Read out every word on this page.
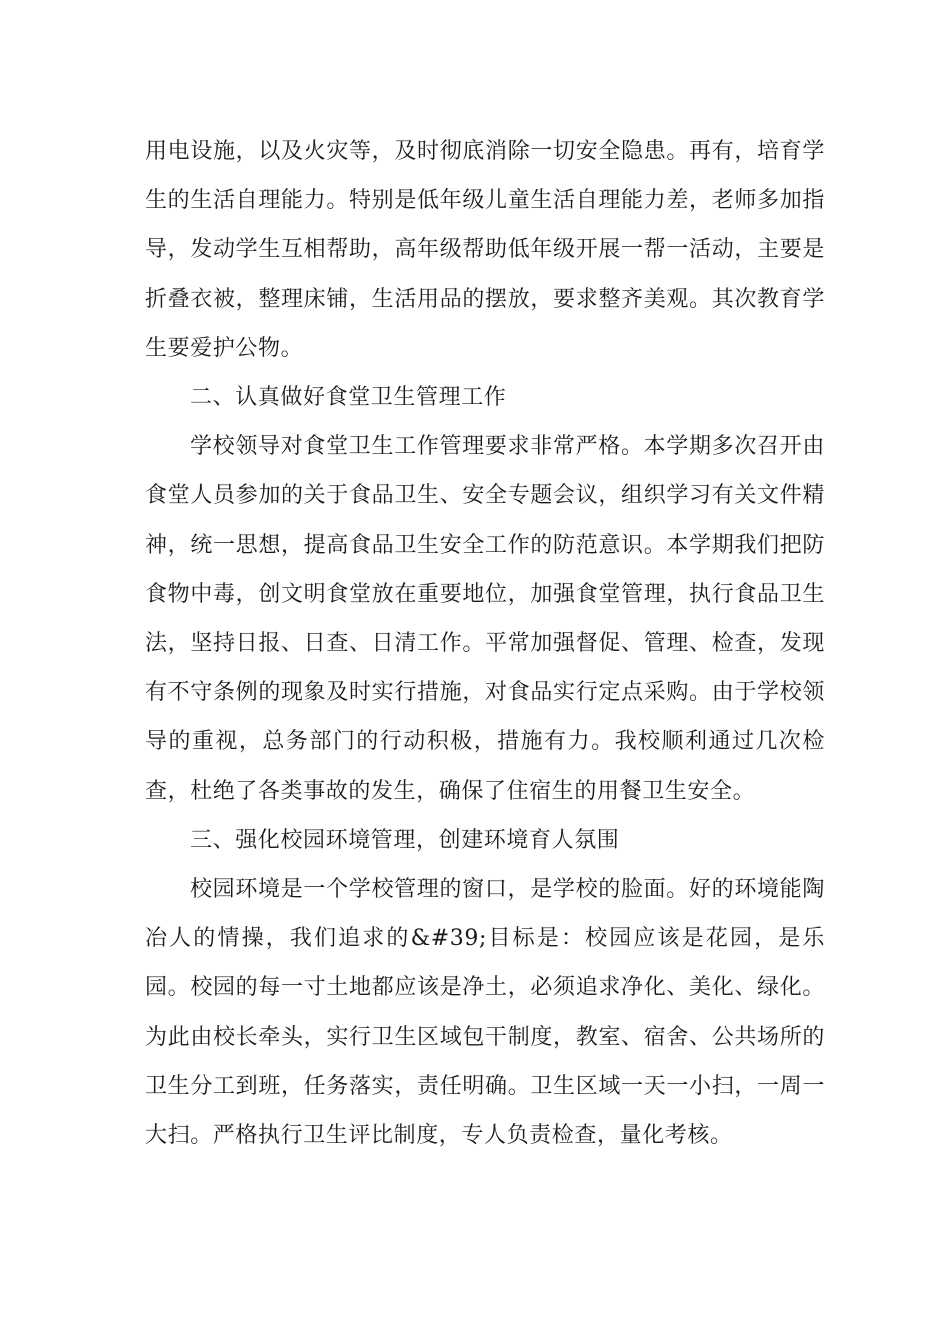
用电设施，以及火灾等，及时彻底消除一切安全隐患。再有，培育学生的生活自理能力。特别是低年级儿童生活自理能力差，老师多加指导，发动学生互相帮助，高年级帮助低年级开展一帮一活动，主要是折叠衣被，整理床铺，生活用品的摆放，要求整齐美观。其次教育学生要爱护公物。

二、认真做好食堂卫生管理工作

学校领导对食堂卫生工作管理要求非常严格。本学期多次召开由食堂人员参加的关于食品卫生、安全专题会议，组织学习有关文件精神，统一思想，提高食品卫生安全工作的防范意识。本学期我们把防食物中毒，创文明食堂放在重要地位，加强食堂管理，执行食品卫生法，坚持日报、日查、日清工作。平常加强督促、管理、检查，发现有不守条例的现象及时实行措施，对食品实行定点采购。由于学校领导的重视，总务部门的行动积极，措施有力。我校顺利通过几次检查，杜绝了各类事故的发生，确保了住宿生的用餐卫生安全。

三、强化校园环境管理，创建环境育人氛围

校园环境是一个学校管理的窗口，是学校的脸面。好的环境能陶冶人的情操，我们追求的&#39;目标是：校园应该是花园，是乐园。校园的每一寸土地都应该是净土，必须追求净化、美化、绿化。为此由校长牵头，实行卫生区域包干制度，教室、宿舍、公共场所的卫生分工到班，任务落实，责任明确。卫生区域一天一小扫，一周一大扫。严格执行卫生评比制度，专人负责检查，量化考核。
